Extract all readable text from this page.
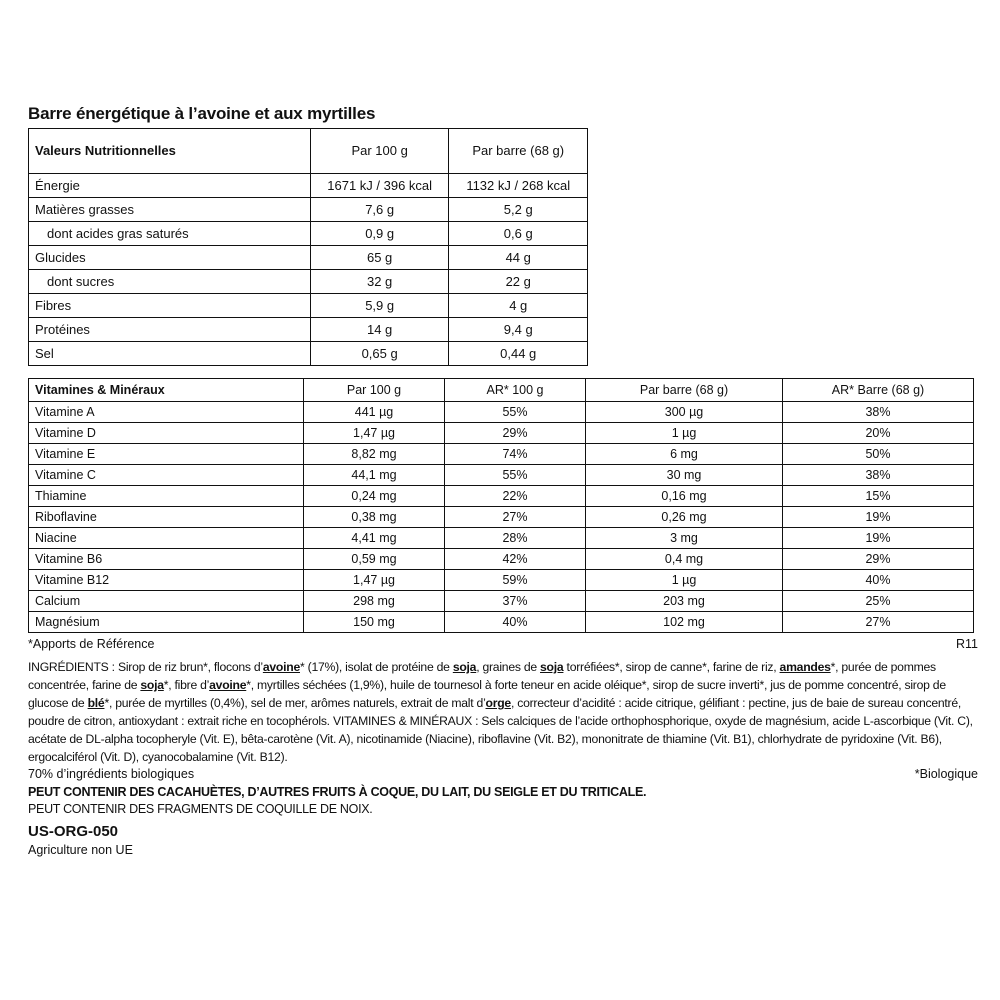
Barre énergétique à l’avoine et aux myrtilles
Valeurs Nutritionnelles	Par 100 g	Par barre (68 g)
Énergie	1671 kJ / 396 kcal	1132 kJ / 268 kcal
Matières grasses	7,6 g	5,2 g
dont acides gras saturés	0,9 g	0,6 g
Glucides	65 g	44 g
dont sucres	32 g	22 g
Fibres	5,9 g	4 g
Protéines	14 g	9,4 g
Sel	0,65 g	0,44 g
Vitamines & Minéraux	Par 100 g	AR* 100 g	Par barre (68 g)	AR* Barre (68 g)
Vitamine A	441 µg	55%	300 µg	38%
Vitamine D	1,47 µg	29%	1 µg	20%
Vitamine E	8,82 mg	74%	6 mg	50%
Vitamine C	44,1 mg	55%	30 mg	38%
Thiamine	0,24 mg	22%	0,16 mg	15%
Riboflavine	0,38 mg	27%	0,26 mg	19%
Niacine	4,41 mg	28%	3 mg	19%
Vitamine B6	0,59 mg	42%	0,4 mg	29%
Vitamine B12	1,47 µg	59%	1 µg	40%
Calcium	298 mg	37%	203 mg	25%
Magnésium	150 mg	40%	102 mg	27%
*Apports de Référence	R11
INGRÉDIENTS : Sirop de riz brun*, flocons d’avoine* (17%), isolat de protéine de soja, graines de soja torréfiées*, sirop de canne*, farine de riz, amandes*, purée de pommes concentrée, farine de soja*, fibre d’avoine*, myrtilles séchées (1,9%), huile de tournesol à forte teneur en acide oléique*, sirop de sucre inverti*, jus de pomme concentré, sirop de glucose de blé*, purée de myrtilles (0,4%), sel de mer, arômes naturels, extrait de malt d’orge, correcteur d’acidité : acide citrique, gélifiant : pectine, jus de baie de sureau concentré, poudre de citron, antioxydant : extrait riche en tocophérols. VITAMINES & MINÉRAUX : Sels calciques de l’acide orthophosphorique, oxyde de magnésium, acide L-ascorbique (Vit. C), acétate de DL-alpha tocopheryle (Vit. E), bêta-carotène (Vit. A), nicotinamide (Niacine), riboflavine (Vit. B2), mononitrate de thiamine (Vit. B1), chlorhydrate de pyridoxine (Vit. B6), ergocalciférol (Vit. D), cyanocobalamine (Vit. B12).
70% d’ingrédients biologiques	*Biologique
PEUT CONTENIR DES CACAHUÈTES, D’AUTRES FRUITS À COQUE, DU LAIT, DU SEIGLE ET DU TRITICALE.
PEUT CONTENIR DES FRAGMENTS DE COQUILLE DE NOIX.
US-ORG-050
Agriculture non UE
